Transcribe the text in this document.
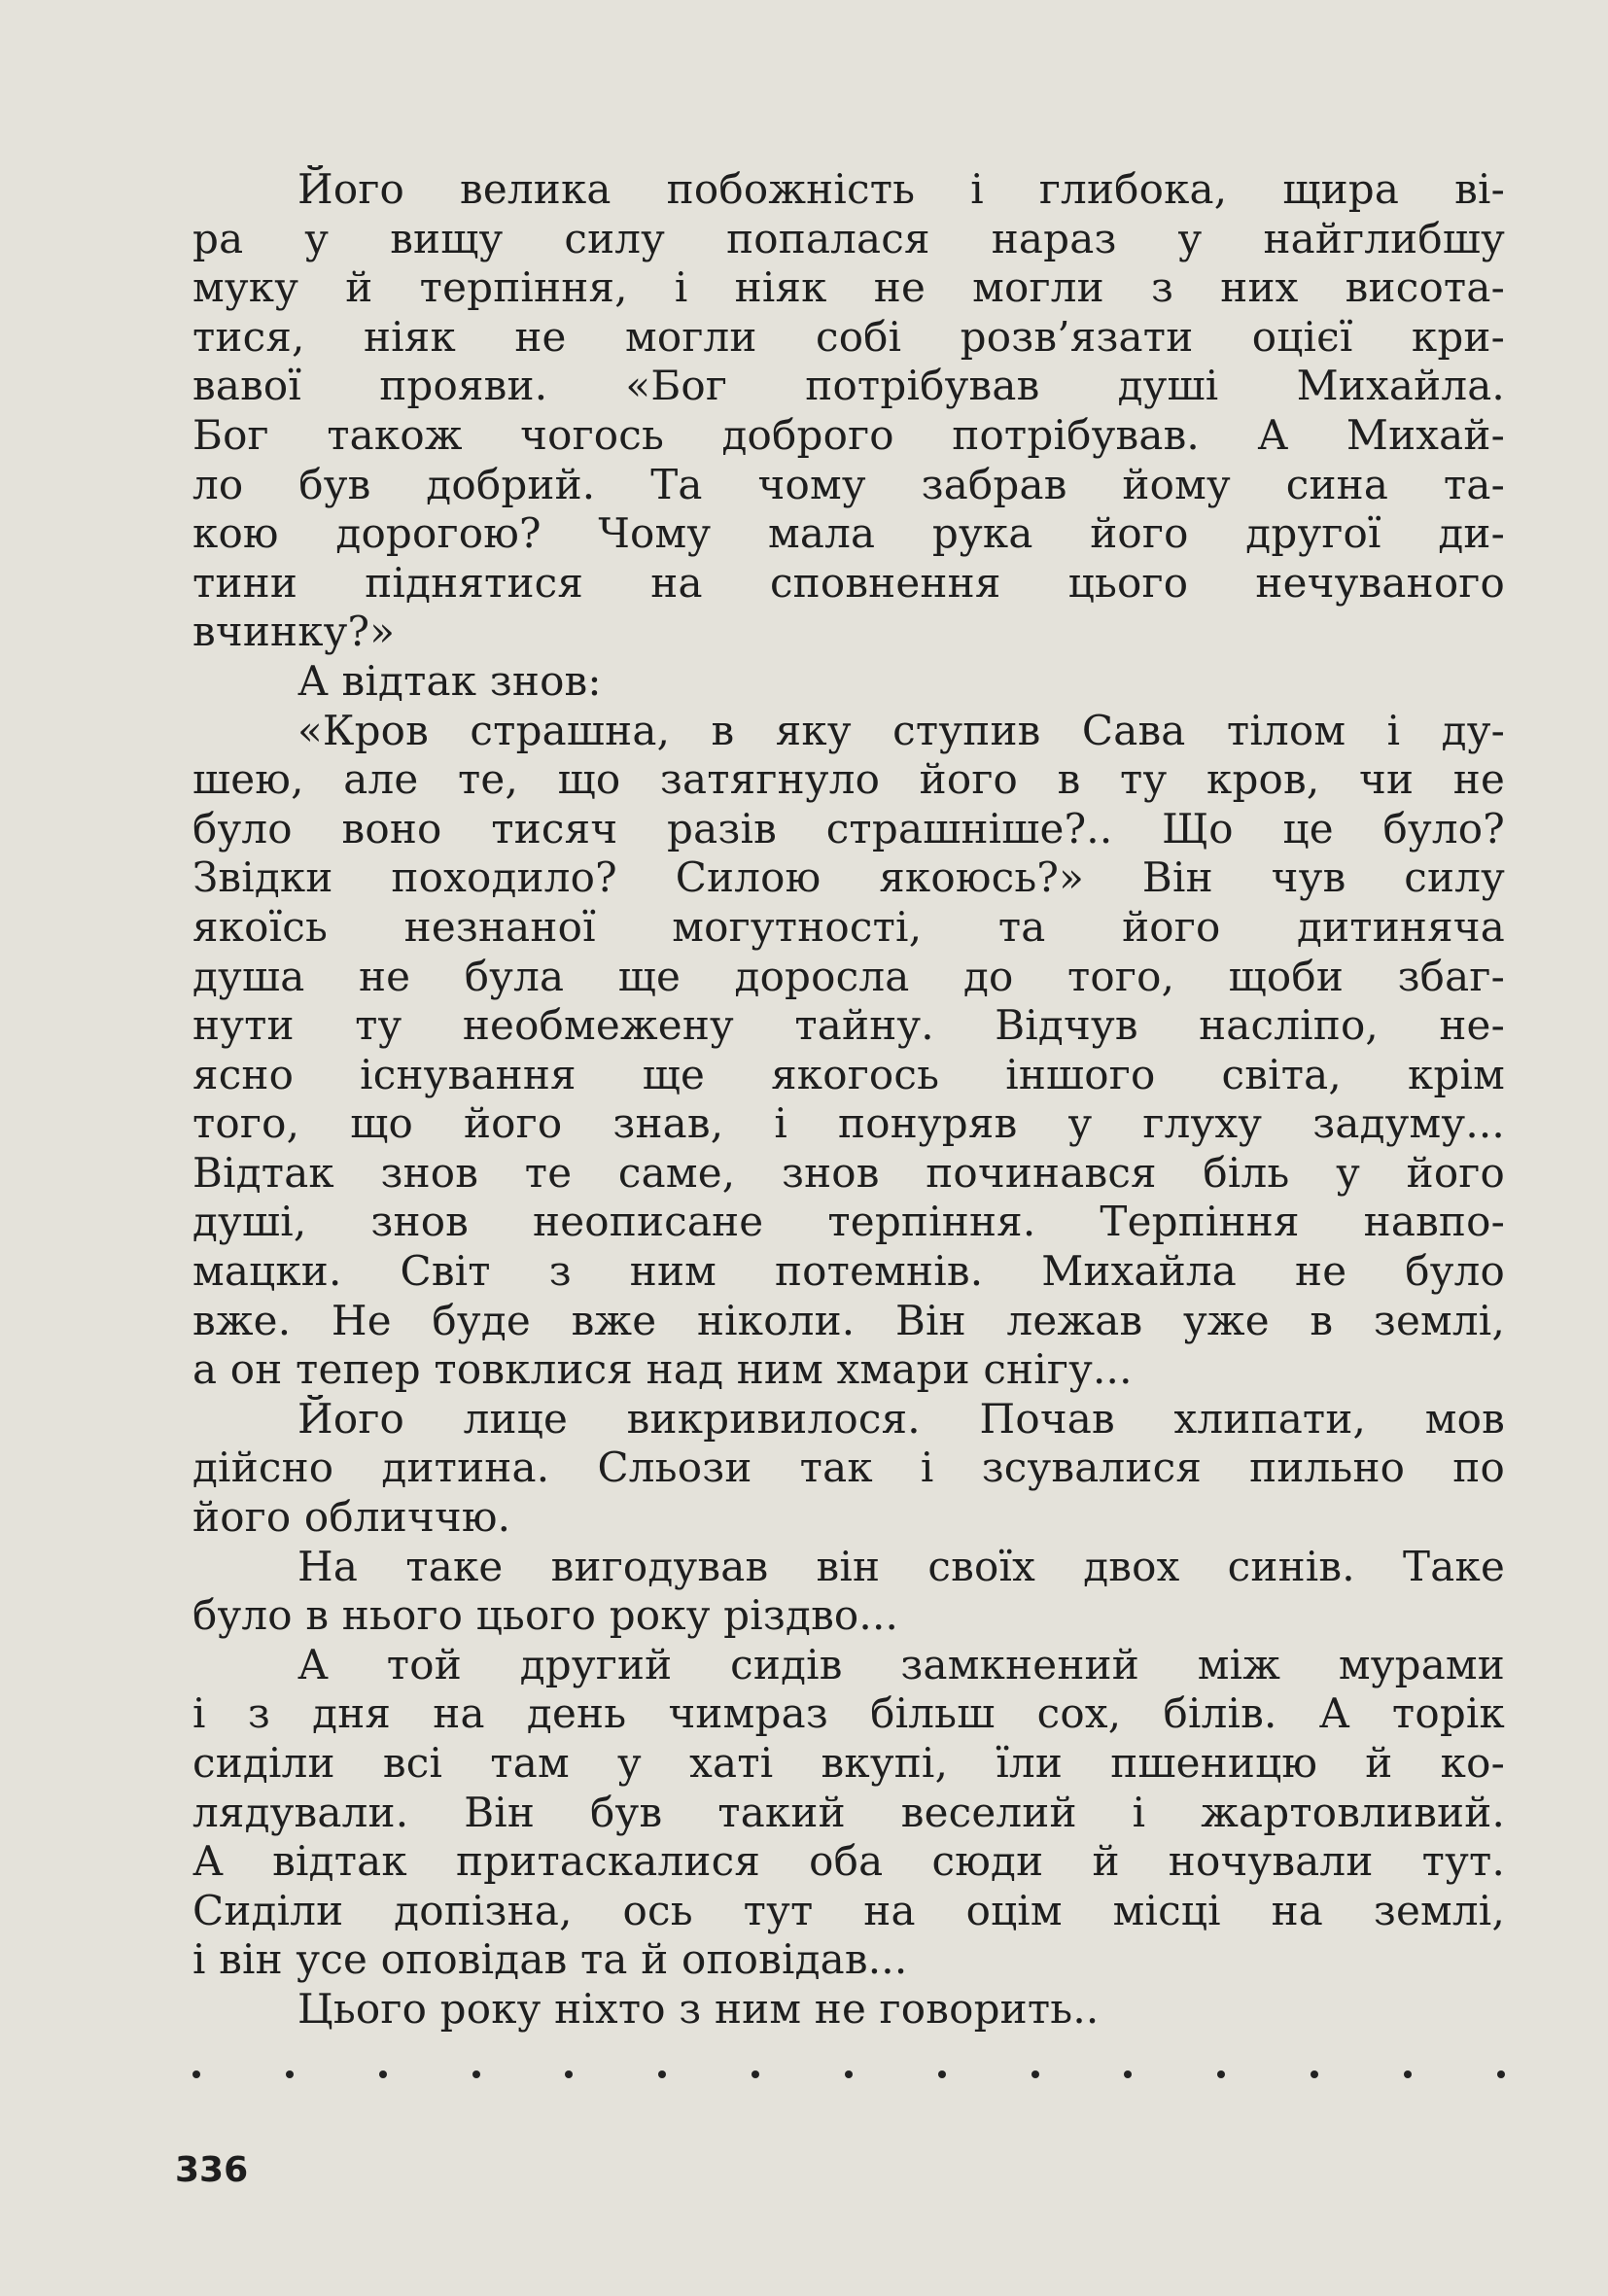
Його велика побожність і глибока, щира ві-
ра у вищу силу попалася нараз у найглибшу
муку й терпіння, і ніяк не могли з них висота-
тися, ніяк не могли собі розв’язати оцієї кри-
вавої прояви. «Бог потрібував душі Михайла.
Бог також чогось доброго потрібував. А Михай-
ло був добрий. Та чому забрав йому сина та-
кою дорогою? Чому мала рука його другої ди-
тини піднятися на сповнення цього нечуваного
вчинку?»
А відтак знов:
«Кров страшна, в яку ступив Сава тілом і ду-
шею, але те, що затягнуло його в ту кров, чи не
було воно тисяч разів страшніше?.. Що це було?
Звідки походило? Силою якоюсь?» Він чув силу
якоїсь незнаної могутності, та його дитиняча
душа не була ще доросла до того, щоби збаг-
нути ту необмежену тайну. Відчув насліпо, не-
ясно існування ще якогось іншого світа, крім
того, що його знав, і понуряв у глуху задуму...
Відтак знов те саме, знов починався біль у його
душі, знов неописане терпіння. Терпіння навпо-
мацки. Світ з ним потемнів. Михайла не було
вже. Не буде вже ніколи. Він лежав уже в землі,
а он тепер товклися над ним хмари снігу...
Його лице викривилося. Почав хлипати, мов
дійсно дитина. Сльози так і зсувалися пильно по
його обличчю.
На таке вигодував він своїх двох синів. Таке
було в нього цього року різдво...
А той другий сидів замкнений між мурами
і з дня на день чимраз більш сох, білів. А торік
сиділи всі там у хаті вкупі, їли пшеницю й ко-
лядували. Він був такий веселий і жартовливий.
А відтак притаскалися оба сюди й ночували тут.
Сиділи допізна, ось тут на оцім місці на землі,
і він усе оповідав та й оповідав...
Цього року ніхто з ним не говорить..
336
